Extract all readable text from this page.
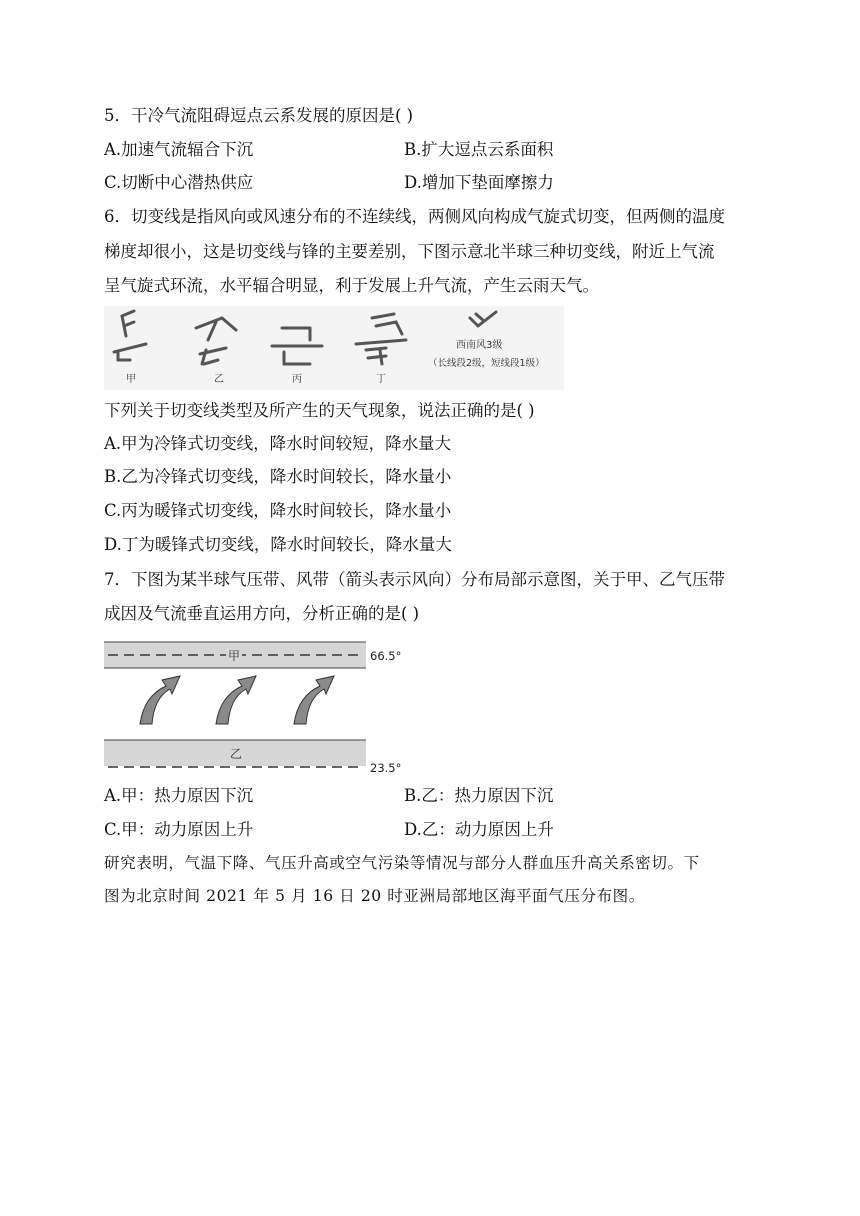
5．干冷气流阻碍逗点云系发展的原因是( )
A.加速气流辐合下沉	B.扩大逗点云系面积
C.切断中心潜热供应	D.增加下垫面摩擦力
6．切变线是指风向或风速分布的不连续线，两侧风向构成气旋式切变，但两侧的温度
梯度却很小，这是切变线与锋的主要差别，下图示意北半球三种切变线，附近上气流
呈气旋式环流，水平辐合明显，利于发展上升气流，产生云雨天气。
甲	乙	丙	丁
西南风3级
（长线段2级，短线段1级）
下列关于切变线类型及所产生的天气现象，说法正确的是( )
A.甲为冷锋式切变线，降水时间较短，降水量大
B.乙为冷锋式切变线，降水时间较长，降水量小
C.丙为暖锋式切变线，降水时间较长，降水量小
D.丁为暖锋式切变线，降水时间较长，降水量大
7．下图为某半球气压带、风带（箭头表示风向）分布局部示意图，关于甲、乙气压带
成因及气流垂直运用方向，分析正确的是( )
甲	66.5°
乙
23.5°
A.甲：热力原因下沉	B.乙：热力原因下沉
C.甲：动力原因上升	D.乙：动力原因上升
研究表明，气温下降、气压升高或空气污染等情况与部分人群血压升高关系密切。下
图为北京时间 2021 年 5 月 16 日 20 时亚洲局部地区海平面气压分布图。
